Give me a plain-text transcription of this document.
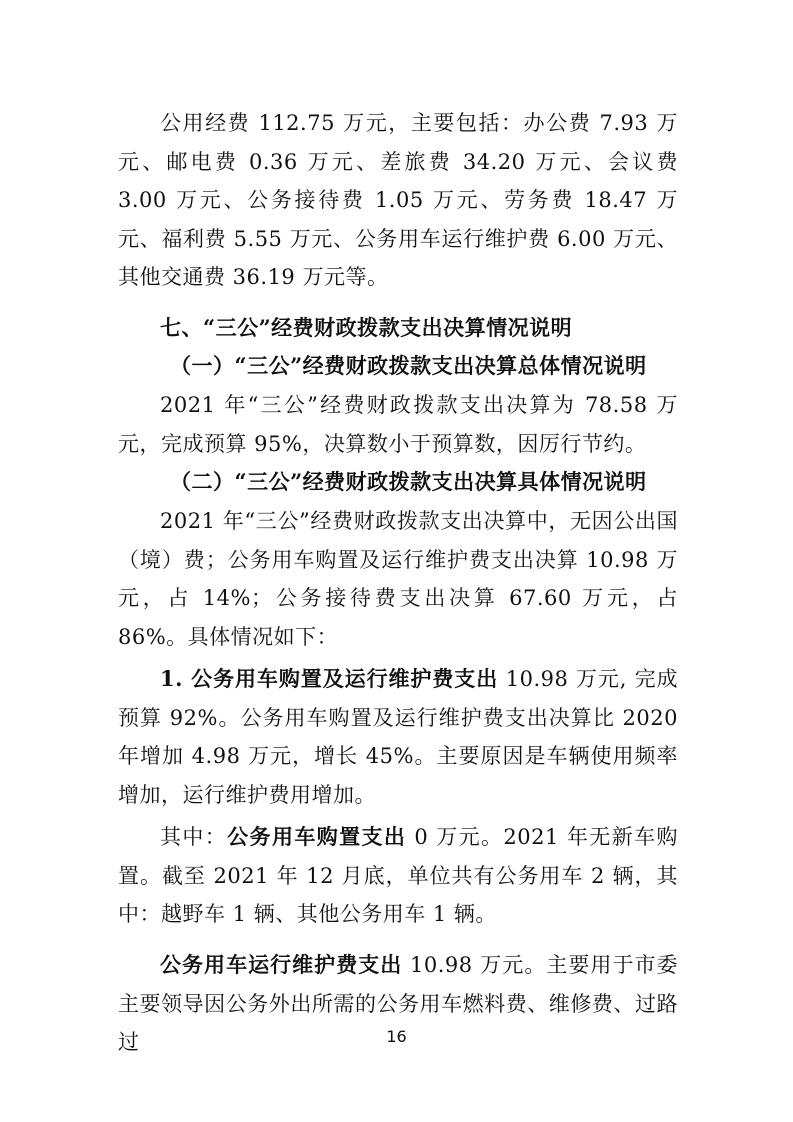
公用经费 112.75 万元，主要包括：办公费 7.93 万元、邮电费 0.36 万元、差旅费 34.20 万元、会议费 3.00 万元、公务接待费 1.05 万元、劳务费 18.47 万元、福利费 5.55 万元、公务用车运行维护费 6.00 万元、其他交通费 36.19 万元等。

七、“三公”经费财政拨款支出决算情况说明

（一）“三公”经费财政拨款支出决算总体情况说明

2021 年“三公”经费财政拨款支出决算为 78.58 万元，完成预算 95%，决算数小于预算数，因厉行节约。

（二）“三公”经费财政拨款支出决算具体情况说明

2021 年“三公”经费财政拨款支出决算中，无因公出国（境）费；公务用车购置及运行维护费支出决算 10.98 万元，占 14%；公务接待费支出决算 67.60 万元，占 86%。具体情况如下：

1. 公务用车购置及运行维护费支出 10.98 万元, 完成预算 92%。公务用车购置及运行维护费支出决算比 2020 年增加 4.98 万元，增长 45%。主要原因是车辆使用频率增加，运行维护费用增加。

其中：公务用车购置支出 0 万元。2021 年无新车购置。截至 2021 年 12 月底，单位共有公务用车 2 辆，其中：越野车 1 辆、其他公务用车 1 辆。

公务用车运行维护费支出 10.98 万元。主要用于市委主要领导因公务外出所需的公务用车燃料费、维修费、过路过	16
